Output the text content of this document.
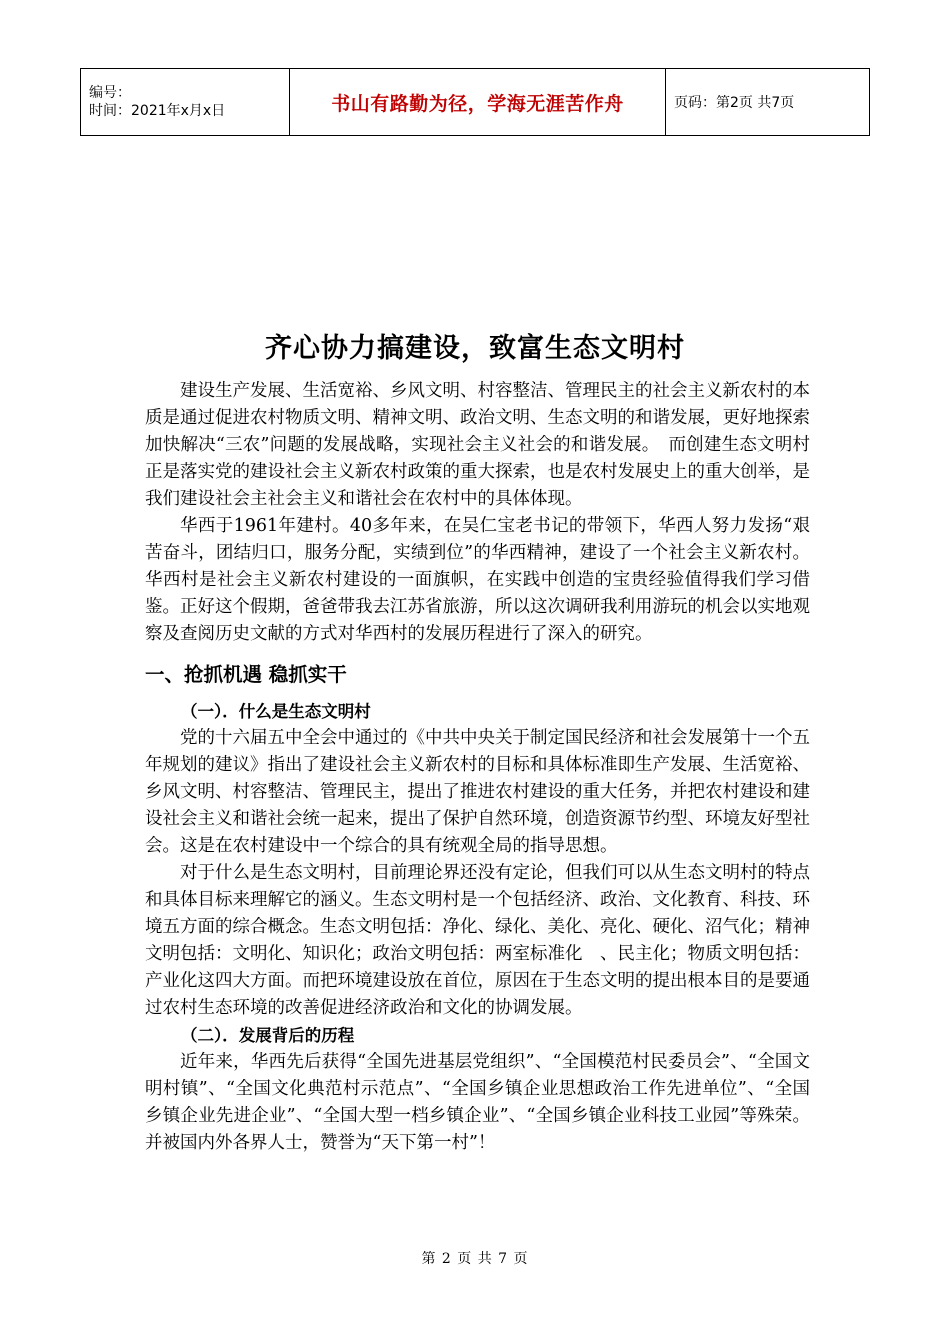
编号：
时间：2021年x月x日	书山有路勤为径，学海无涯苦作舟	页码：第2页 共7页
齐心协力搞建设，致富生态文明村

建设生产发展、生活宽裕、乡风文明、村容整洁、管理民主的社会主义新农村的本质是通过促进农村物质文明、精神文明、政治文明、生态文明的和谐发展，更好地探索加快解决“三农”问题的发展战略，实现社会主义社会的和谐发展。　而创建生态文明村正是落实党的建设社会主义新农村政策的重大探索，也是农村发展史上的重大创举，是我们建设社会主社会主义和谐社会在农村中的具体体现。

华西于1961年建村。40多年来，在吴仁宝老书记的带领下，华西人努力发扬“艰苦奋斗，团结归口，服务分配，实绩到位”的华西精神，建设了一个社会主义新农村。华西村是社会主义新农村建设的一面旗帜，在实践中创造的宝贵经验值得我们学习借鉴。正好这个假期，爸爸带我去江苏省旅游，所以这次调研我利用游玩的机会以实地观察及查阅历史文献的方式对华西村的发展历程进行了深入的研究。

一、抢抓机遇 稳抓实干
（一）．什么是生态文明村

党的十六届五中全会中通过的《中共中央关于制定国民经济和社会发展第十一个五年规划的建议》指出了建设社会主义新农村的目标和具体标准即生产发展、生活宽裕、乡风文明、村容整洁、管理民主，提出了推进农村建设的重大任务，并把农村建设和建设社会主义和谐社会统一起来，提出了保护自然环境，创造资源节约型、环境友好型社会。这是在农村建设中一个综合的具有统观全局的指导思想。

对于什么是生态文明村，目前理论界还没有定论，但我们可以从生态文明村的特点和具体目标来理解它的涵义。生态文明村是一个包括经济、政治、文化教育、科技、环境五方面的综合概念。生态文明包括：净化、绿化、美化、亮化、硬化、沼气化；精神文明包括：文明化、知识化；政治文明包括：两室标准化　、民主化；物质文明包括：产业化这四大方面。而把环境建设放在首位，原因在于生态文明的提出根本目的是要通过农村生态环境的改善促进经济政治和文化的协调发展。

（二）．发展背后的历程

近年来，华西先后获得“全国先进基层党组织”、“全国模范村民委员会”、“全国文明村镇”、“全国文化典范村示范点”、“全国乡镇企业思想政治工作先进单位”、“全国乡镇企业先进企业”、“全国大型一档乡镇企业”、“全国乡镇企业科技工业园”等殊荣。并被国内外各界人士，赞誉为“天下第一村”！

第 2 页 共 7 页
